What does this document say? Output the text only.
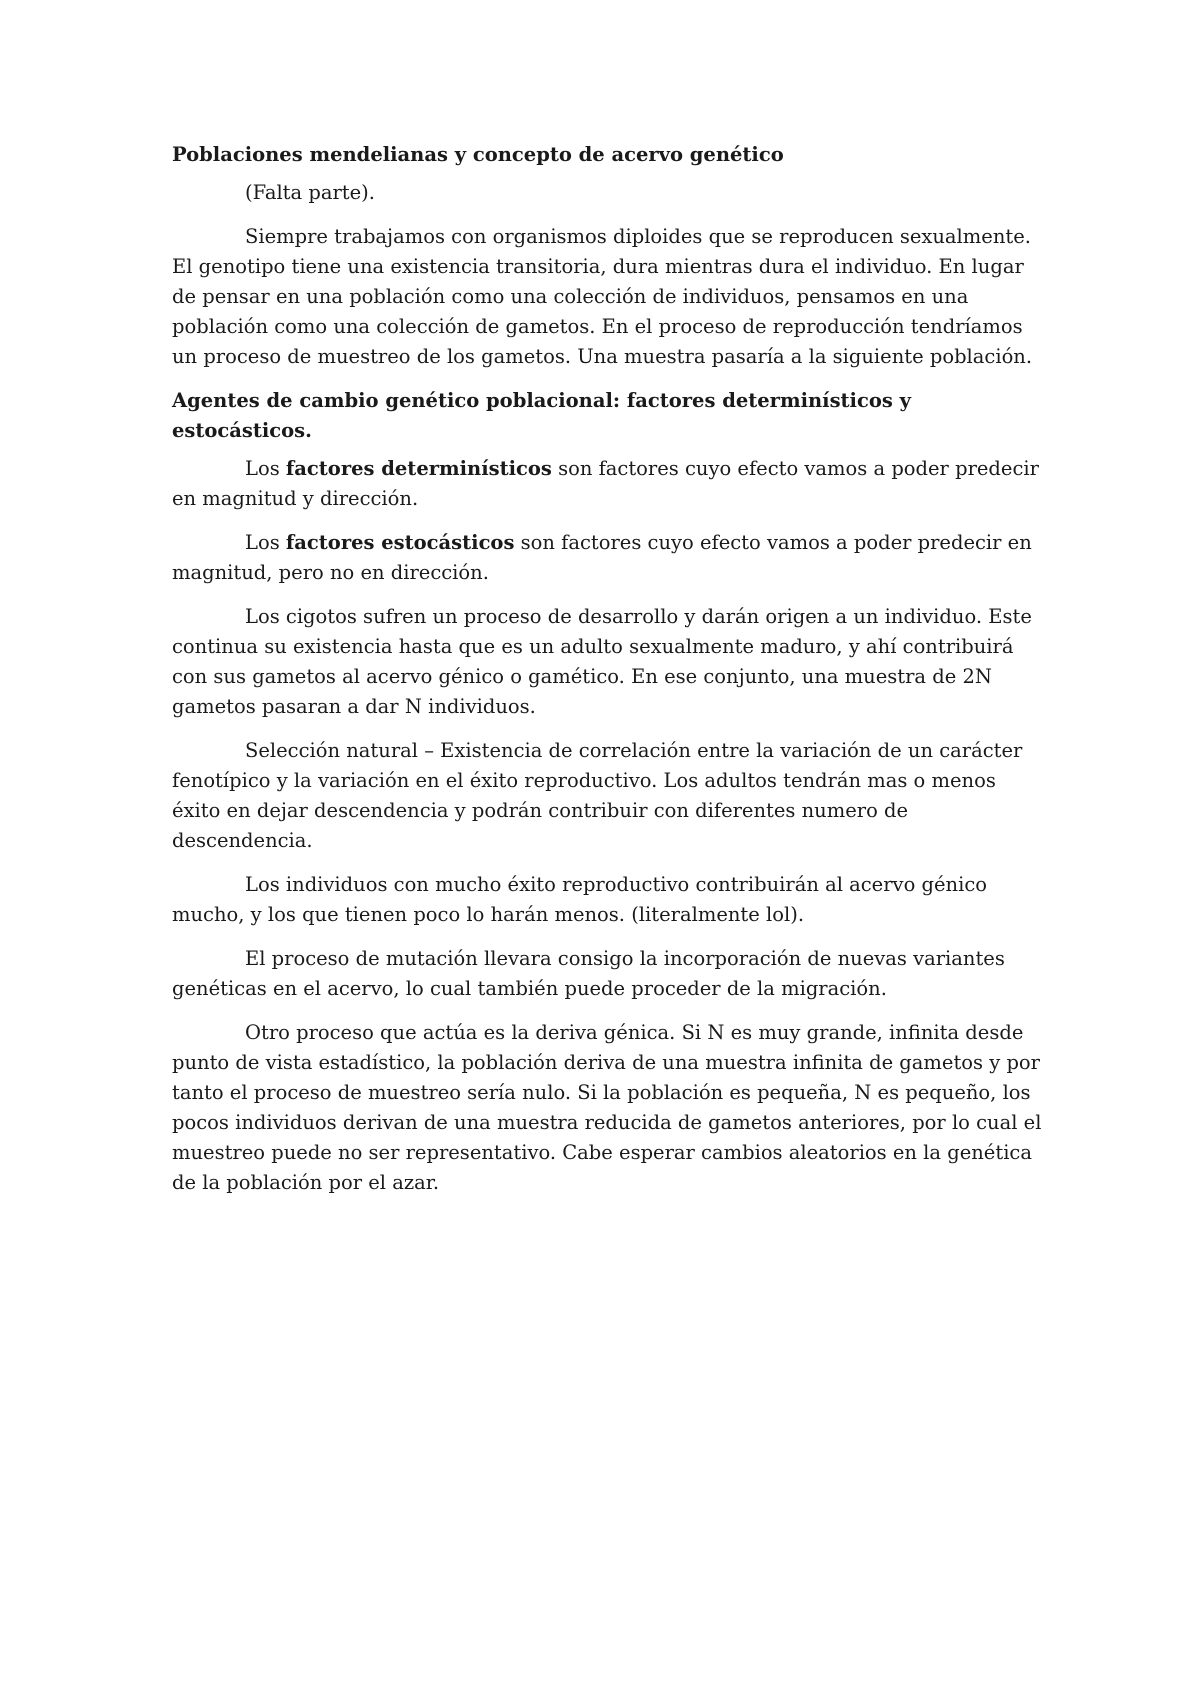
Poblaciones mendelianas y concepto de acervo genético

(Falta parte).

Siempre trabajamos con organismos diploides que se reproducen sexualmente. El genotipo tiene una existencia transitoria, dura mientras dura el individuo. En lugar de pensar en una población como una colección de individuos, pensamos en una población como una colección de gametos. En el proceso de reproducción tendríamos un proceso de muestreo de los gametos. Una muestra pasaría a la siguiente población.

Agentes de cambio genético poblacional: factores determinísticos y estocásticos.

Los factores determinísticos son factores cuyo efecto vamos a poder predecir en magnitud y dirección.

Los factores estocásticos son factores cuyo efecto vamos a poder predecir en magnitud, pero no en dirección.

Los cigotos sufren un proceso de desarrollo y darán origen a un individuo. Este continua su existencia hasta que es un adulto sexualmente maduro, y ahí contribuirá con sus gametos al acervo génico o gamético. En ese conjunto, una muestra de 2N gametos pasaran a dar N individuos.

Selección natural – Existencia de correlación entre la variación de un carácter fenotípico y la variación en el éxito reproductivo. Los adultos tendrán mas o menos éxito en dejar descendencia y podrán contribuir con diferentes numero de descendencia.

Los individuos con mucho éxito reproductivo contribuirán al acervo génico mucho, y los que tienen poco lo harán menos. (literalmente lol).

El proceso de mutación llevara consigo la incorporación de nuevas variantes genéticas en el acervo, lo cual también puede proceder de la migración.

Otro proceso que actúa es la deriva génica. Si N es muy grande, infinita desde punto de vista estadístico, la población deriva de una muestra infinita de gametos y por tanto el proceso de muestreo sería nulo. Si la población es pequeña, N es pequeño, los pocos individuos derivan de una muestra reducida de gametos anteriores, por lo cual el muestreo puede no ser representativo. Cabe esperar cambios aleatorios en la genética de la población por el azar.
